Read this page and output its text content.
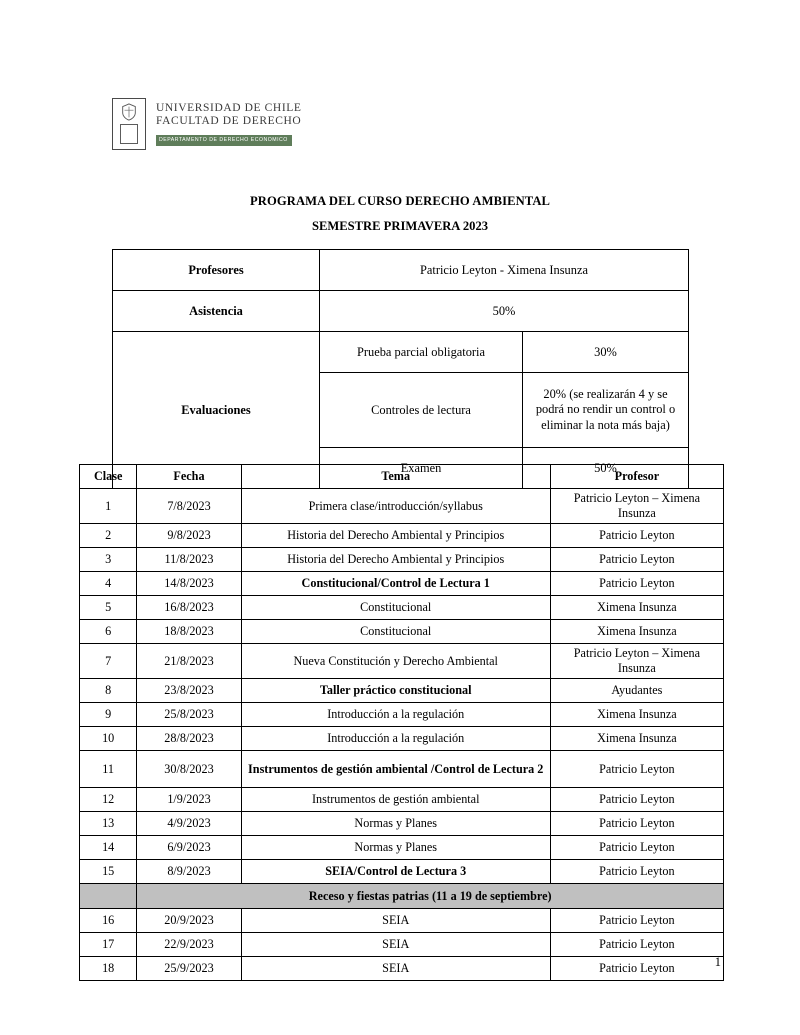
UNIVERSIDAD DE CHILE
FACULTAD DE DERECHO
DEPARTAMENTO DE DERECHO ECONOMICO
PROGRAMA DEL CURSO DERECHO AMBIENTAL
SEMESTRE PRIMAVERA 2023
Profesores	Patricio Leyton - Ximena Insunza	
Asistencia	50%	
Evaluaciones	Prueba parcial obligatoria	30%
	Controles de lectura	20% (se realizarán 4 y se podrá no rendir un control o eliminar la nota más baja)
	Examen	50%
Clase	Fecha	Tema	Profesor
1	7/8/2023	Primera clase/introducción/syllabus	Patricio Leyton – Ximena Insunza
2	9/8/2023	Historia del Derecho Ambiental y Principios	Patricio Leyton
3	11/8/2023	Historia del Derecho Ambiental y Principios	Patricio Leyton
4	14/8/2023	Constitucional/Control de Lectura 1	Patricio Leyton
5	16/8/2023	Constitucional	Ximena Insunza
6	18/8/2023	Constitucional	Ximena Insunza
7	21/8/2023	Nueva Constitución y Derecho Ambiental	Patricio Leyton – Ximena Insunza
8	23/8/2023	Taller práctico constitucional	Ayudantes
9	25/8/2023	Introducción a la regulación	Ximena Insunza
10	28/8/2023	Introducción a la regulación	Ximena Insunza
11	30/8/2023	Instrumentos de gestión ambiental /Control de Lectura 2	Patricio Leyton
12	1/9/2023	Instrumentos de gestión ambiental	Patricio Leyton
13	4/9/2023	Normas y Planes	Patricio Leyton
14	6/9/2023	Normas y Planes	Patricio Leyton
15	8/9/2023	SEIA/Control de Lectura 3	Patricio Leyton
	Receso y fiestas patrias (11 a 19 de septiembre)		
16	20/9/2023	SEIA	Patricio Leyton
17	22/9/2023	SEIA	Patricio Leyton
18	25/9/2023	SEIA	Patricio Leyton	1
